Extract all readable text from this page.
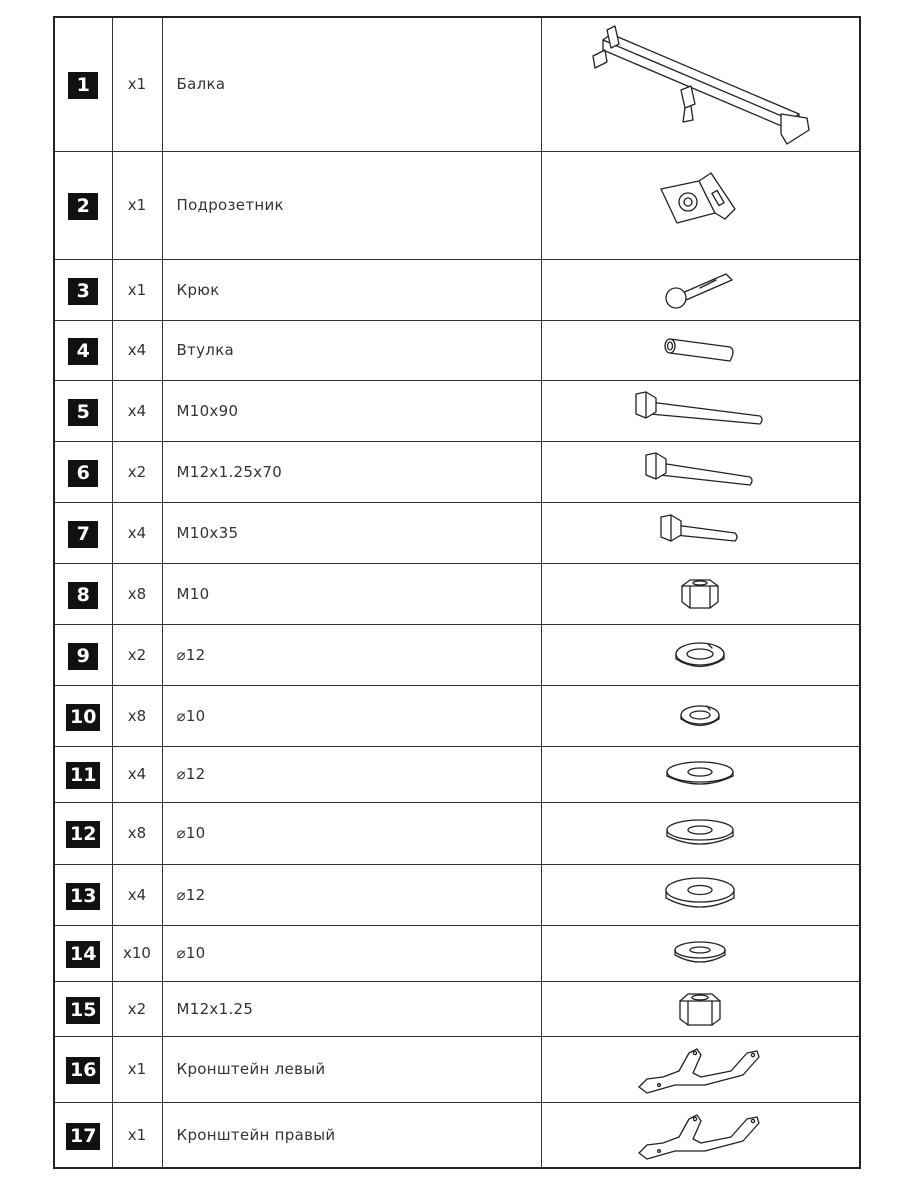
1	x1	Балка	

2	x1	Подрозетник	

3	x1	Крюк	

4	x4	Втулка	

5	x4	M10x90	

6	x2	M12x1.25x70	

7	x4	M10x35	

8	x8	M10	

9	x2	⌀12	

10	x8	⌀10	

11	x4	⌀12	

12	x8	⌀10	

13	x4	⌀12	

14	x10	⌀10	

15	x2	M12x1.25	

16	x1	Кронштейн левый	

17	x1	Кронштейн правый	
